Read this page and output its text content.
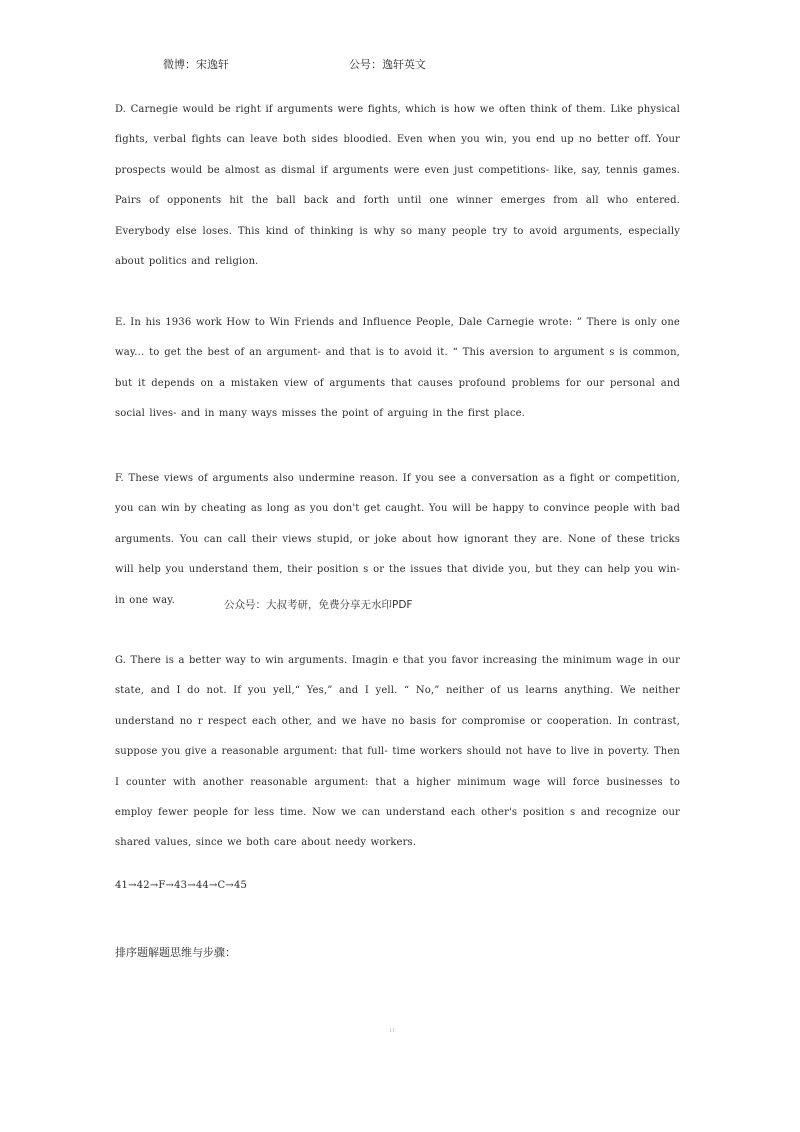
微博：宋逸轩	公号：逸轩英文

D. Carnegie would be right if arguments were fights, which is how we often think of them. Like physical fights, verbal fights can leave both sides bloodied. Even when you win, you end up no better off. Your prospects would be almost as dismal if arguments were even just competitions- like, say, tennis games. Pairs of opponents hit the ball back and forth until one winner emerges from all who entered. Everybody else loses. This kind of thinking is why so many people try to avoid arguments, especially about politics and religion.

E. In his 1936 work How to Win Friends and Influence People, Dale Carnegie wrote: ” There is only one way... to get the best of an argument- and that is to avoid it. “ This aversion to argument s is common, but it depends on a mistaken view of arguments that causes profound problems for our personal and social lives- and in many ways misses the point of arguing in the first place.

F. These views of arguments also undermine reason. If you see a conversation as a fight or competition, you can win by cheating as long as you don't get caught. You will be happy to convince people with bad arguments. You can call their views stupid, or joke about how ignorant they are. None of these tricks will help you understand them, their position s or the issues that divide you, but they can help you win- in one way.	公众号：大叔考研，免费分享无水印PDF

G. There is a better way to win arguments. Imagin e that you favor increasing the minimum wage in our state, and I do not. If you yell,“ Yes,” and I yell. “ No,” neither of us learns anything. We neither understand no r respect each other, and we have no basis for compromise or cooperation. In contrast, suppose you give a reasonable argument: that full- time workers should not have to live in poverty. Then I counter with another reasonable argument: that a higher minimum wage will force businesses to employ fewer people for less time. Now we can understand each other's position s and recognize our shared values, since we both care about needy workers.

41→42→F→43→44→C→45
排序题解题思维与步骤：
11
